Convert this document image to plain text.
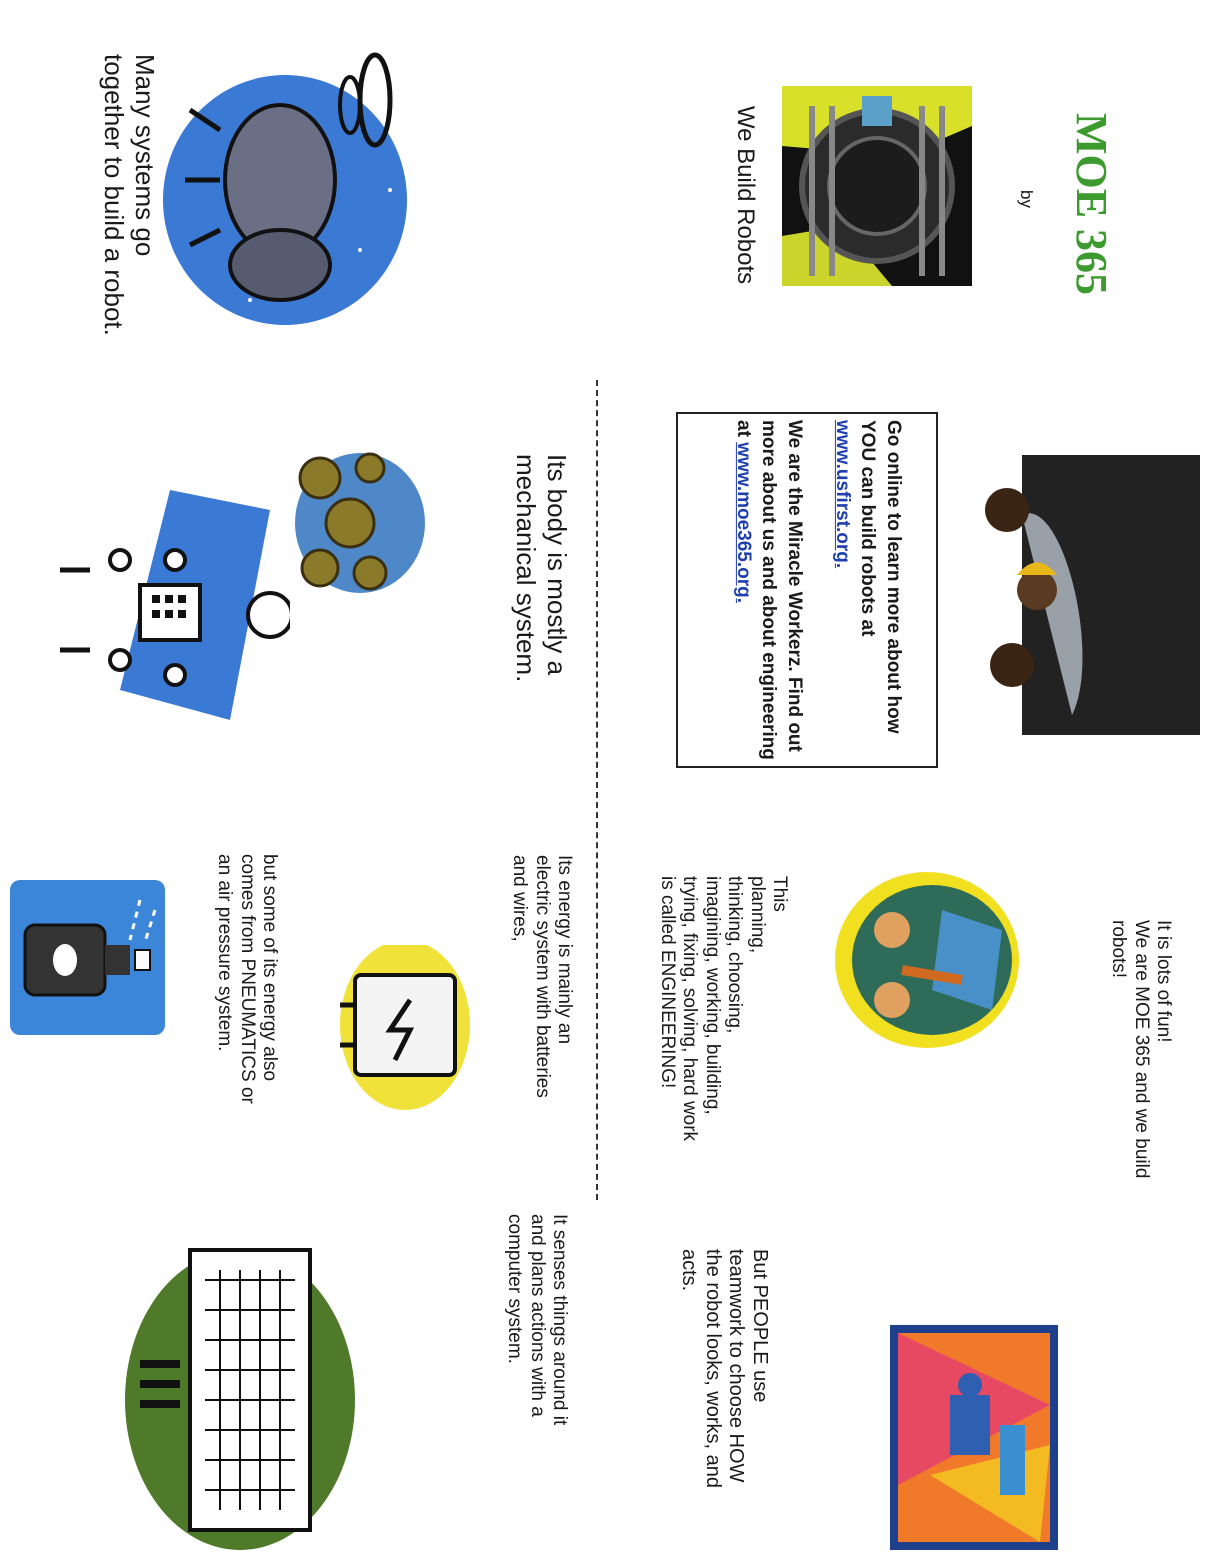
We Build Robots	by MOE 365
Many systems go
together to build a robot.
Its body is mostly a
mechanical system.	Go online to learn more about how YOU can build robots at www.usfirst.org.

We are the Miracle Workerz. Find out more about us and about engineering at www.moe365.org.

Its energy is mainly an
electric system with batteries
and wires,
but some of its energy also
comes from PNEUMATICS or
an air pressure system.
This
planning,
thinking, choosing,
imagining, working, building,
trying, fixing, solving, hard work
is called ENGINEERING!
It is lots of fun!
We are MOE 365 and we build
robots!
It senses things around it
and plans actions with a
computer system.
But PEOPLE use
teamwork to choose HOW
the robot looks, works, and
acts.
